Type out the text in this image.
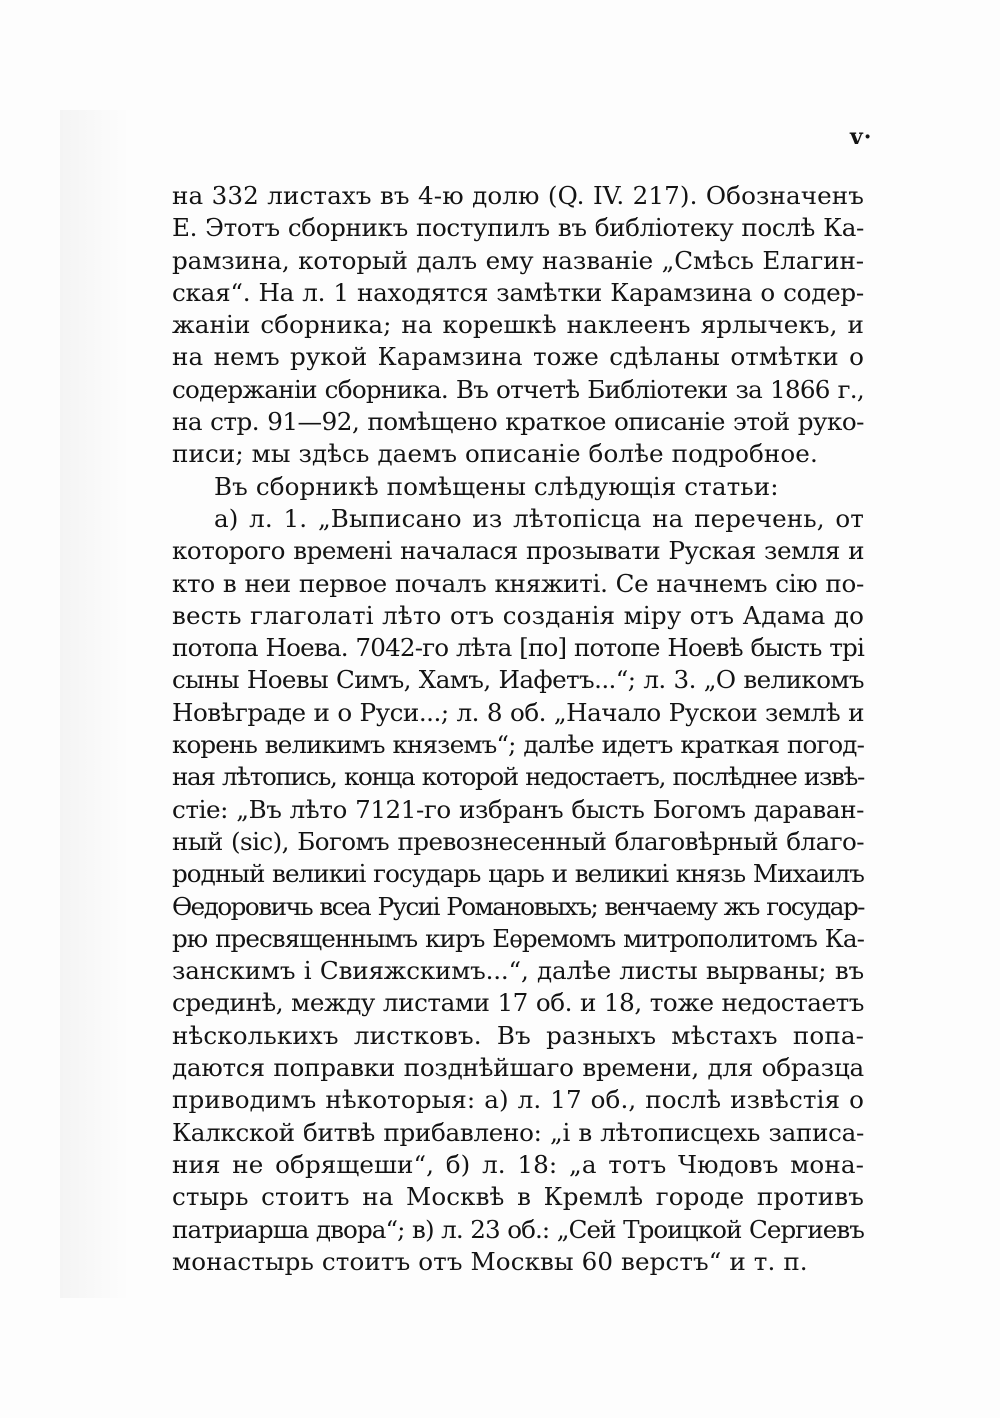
v·
на 332 листахъ въ 4-ю долю (Q. IV. 217). Обозначенъ
Е. Этотъ сборникъ поступилъ въ библіотеку послѣ Ка-
рамзина, который далъ ему названіе „Смѣсь Елагин-
ская“. На л. 1 находятся замѣтки Карамзина о содер-
жаніи сборника; на корешкѣ наклеенъ ярлычекъ, и
на немъ рукой Карамзина тоже сдѣланы отмѣтки о
содержаніи сборника. Въ отчетѣ Библіотеки за 1866 г.,
на стр. 91—92, помѣщено краткое описаніе этой руко-
писи; мы здѣсь даемъ описаніе болѣе подробное.
Въ сборникѣ помѣщены слѣдующія статьи:
а) л. 1. „Выписано из лѣтопісца на перечень, от
которого времені началася прозывати Руская земля и
кто в неи первое почалъ княжиті. Се начнемъ сію по-
весть глаголаті лѣто отъ созданія міру отъ Адама до
потопа Ноева. 7042-го лѣта [по] потопе Ноевѣ бысть трі
сыны Ноевы Симъ, Хамъ, Иафетъ...“; л. 3. „О великомъ
Новѣграде и о Руси...; л. 8 об. „Начало Рускои землѣ и
корень великимъ княземъ“; далѣе идетъ краткая погод-
ная лѣтопись, конца которой недостаетъ, послѣднее извѣ-
стіе: „Въ лѣто 7121-го избранъ бысть Богомъ дараван-
ный (sic), Богомъ превознесенный благовѣрный благо-
родный великиі государь царь и великиі князь Михаилъ
Ѳедоровичь всеа Русиі Романовыхъ; венчаему жъ государ-
рю пресвященнымъ киръ Еѳремомъ митрополитомъ Ка-
занскимъ і Свияжскимъ...“, далѣе листы вырваны; въ
срединѣ, между листами 17 об. и 18, тоже недостаетъ
нѣсколькихъ листковъ. Въ разныхъ мѣстахъ попа-
даются поправки позднѣйшаго времени, для образца
приводимъ нѣкоторыя: а) л. 17 об., послѣ извѣстія о
Калкской битвѣ прибавлено: „і в лѣтописцехь записа-
ния не обрящеши“, б) л. 18: „а тотъ Чюдовъ мона-
стырь стоитъ на Москвѣ в Кремлѣ городе противъ
патриарша двора“; в) л. 23 об.: „Сей Троицкой Сергиевъ
монастырь стоитъ отъ Москвы 60 верстъ“ и т. п.
